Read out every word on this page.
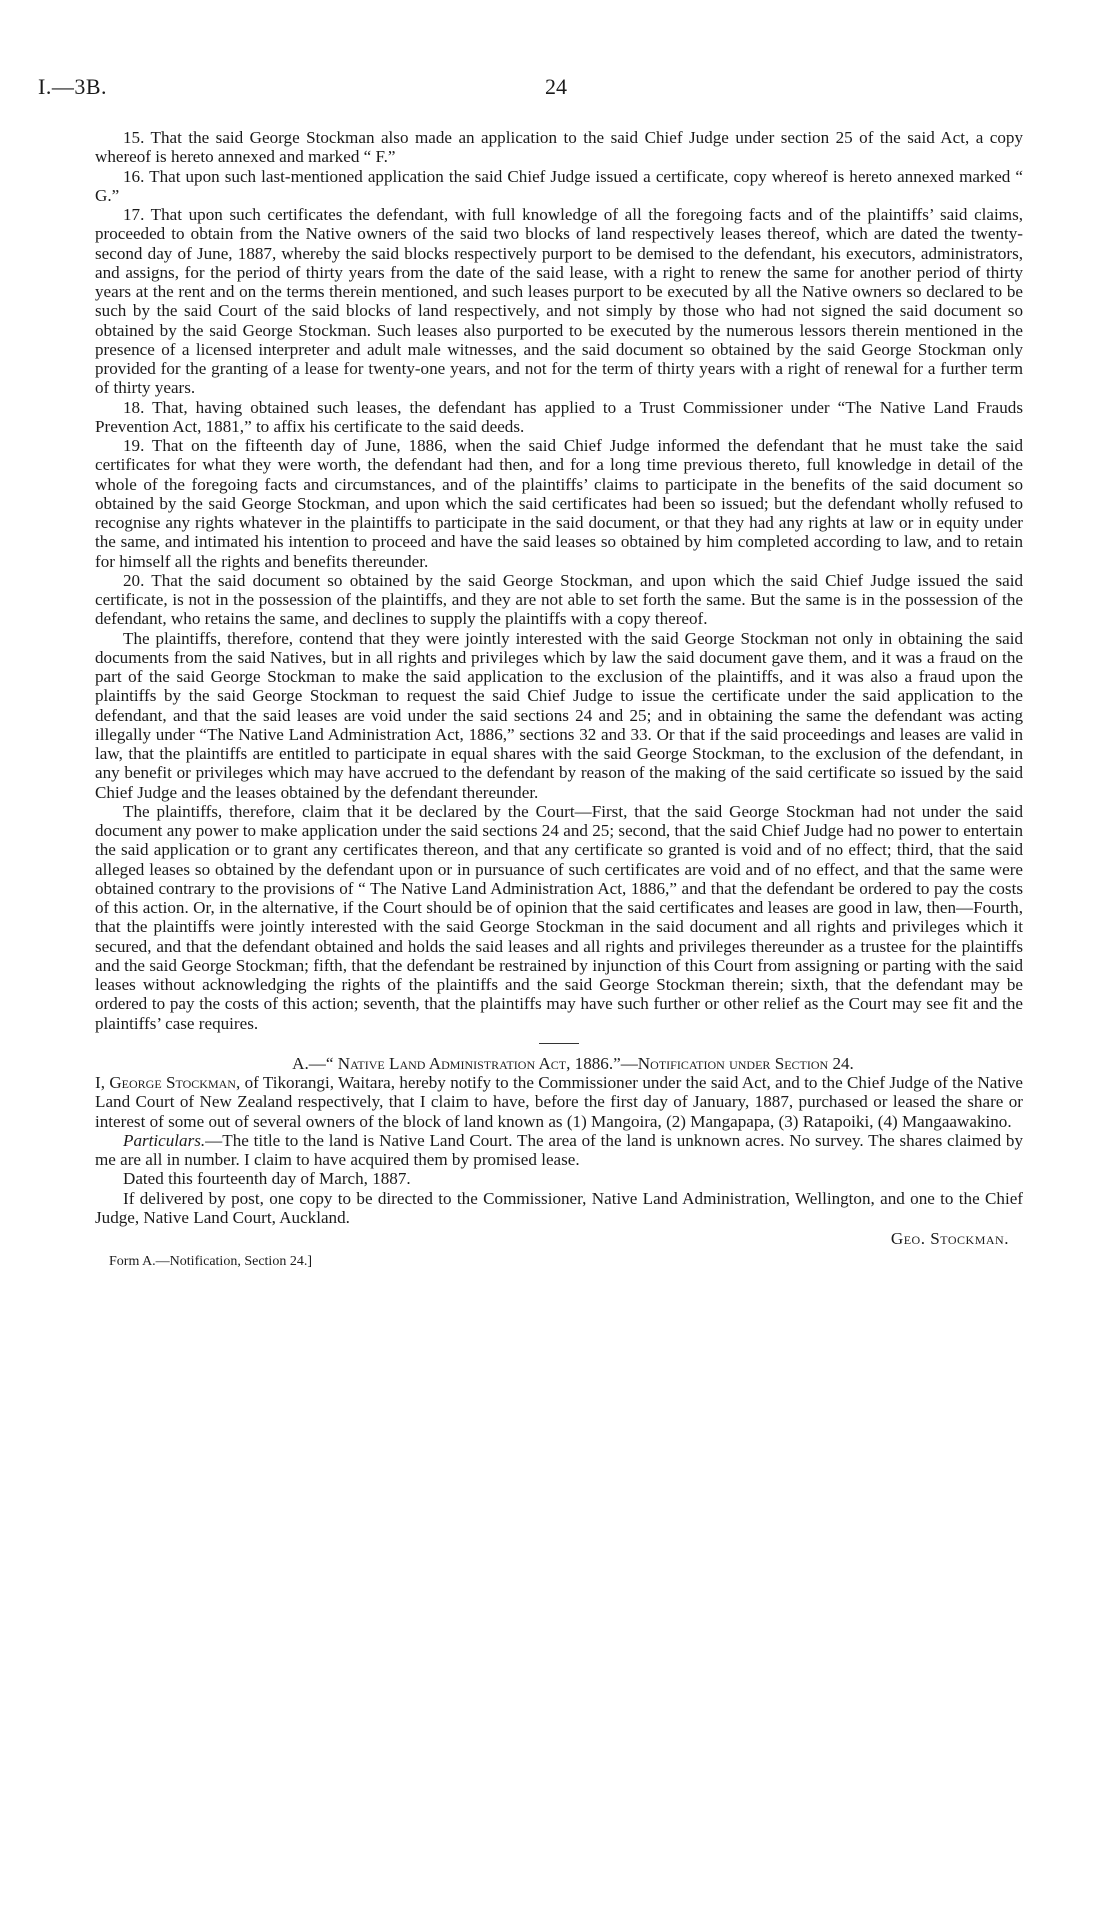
I.—3B.	24

15. That the said George Stockman also made an application to the said Chief Judge under section 25 of the said Act, a copy whereof is hereto annexed and marked “ F.”

16. That upon such last-mentioned application the said Chief Judge issued a certificate, copy whereof is hereto annexed marked “ G.”

17. That upon such certificates the defendant, with full knowledge of all the foregoing facts and of the plaintiffs’ said claims, proceeded to obtain from the Native owners of the said two blocks of land respectively leases thereof, which are dated the twenty-second day of June, 1887, whereby the said blocks respectively purport to be demised to the defendant, his executors, administrators, and assigns, for the period of thirty years from the date of the said lease, with a right to renew the same for another period of thirty years at the rent and on the terms therein mentioned, and such leases purport to be executed by all the Native owners so declared to be such by the said Court of the said blocks of land respectively, and not simply by those who had not signed the said document so obtained by the said George Stockman. Such leases also purported to be executed by the numerous lessors therein mentioned in the presence of a licensed interpreter and adult male witnesses, and the said document so obtained by the said George Stockman only provided for the granting of a lease for twenty-one years, and not for the term of thirty years with a right of renewal for a further term of thirty years.

18. That, having obtained such leases, the defendant has applied to a Trust Commissioner under “The Native Land Frauds Prevention Act, 1881,” to affix his certificate to the said deeds.

19. That on the fifteenth day of June, 1886, when the said Chief Judge informed the defendant that he must take the said certificates for what they were worth, the defendant had then, and for a long time previous thereto, full knowledge in detail of the whole of the foregoing facts and circumstances, and of the plaintiffs’ claims to participate in the benefits of the said document so obtained by the said George Stockman, and upon which the said certificates had been so issued; but the defendant wholly refused to recognise any rights whatever in the plaintiffs to participate in the said document, or that they had any rights at law or in equity under the same, and intimated his intention to proceed and have the said leases so obtained by him completed according to law, and to retain for himself all the rights and benefits thereunder.

20. That the said document so obtained by the said George Stockman, and upon which the said Chief Judge issued the said certificate, is not in the possession of the plaintiffs, and they are not able to set forth the same. But the same is in the possession of the defendant, who retains the same, and declines to supply the plaintiffs with a copy thereof.

The plaintiffs, therefore, contend that they were jointly interested with the said George Stockman not only in obtaining the said documents from the said Natives, but in all rights and privileges which by law the said document gave them, and it was a fraud on the part of the said George Stockman to make the said application to the exclusion of the plaintiffs, and it was also a fraud upon the plaintiffs by the said George Stockman to request the said Chief Judge to issue the certificate under the said application to the defendant, and that the said leases are void under the said sections 24 and 25; and in obtaining the same the defendant was acting illegally under “The Native Land Administration Act, 1886,” sections 32 and 33. Or that if the said proceedings and leases are valid in law, that the plaintiffs are entitled to participate in equal shares with the said George Stockman, to the exclusion of the defendant, in any benefit or privileges which may have accrued to the defendant by reason of the making of the said certificate so issued by the said Chief Judge and the leases obtained by the defendant thereunder.

The plaintiffs, therefore, claim that it be declared by the Court—First, that the said George Stockman had not under the said document any power to make application under the said sections 24 and 25; second, that the said Chief Judge had no power to entertain the said application or to grant any certificates thereon, and that any certificate so granted is void and of no effect; third, that the said alleged leases so obtained by the defendant upon or in pursuance of such certificates are void and of no effect, and that the same were obtained contrary to the provisions of “ The Native Land Administration Act, 1886,” and that the defendant be ordered to pay the costs of this action. Or, in the alternative, if the Court should be of opinion that the said certificates and leases are good in law, then—Fourth, that the plaintiffs were jointly interested with the said George Stockman in the said document and all rights and privileges which it secured, and that the defendant obtained and holds the said leases and all rights and privileges thereunder as a trustee for the plaintiffs and the said George Stockman; fifth, that the defendant be restrained by injunction of this Court from assigning or parting with the said leases without acknowledging the rights of the plaintiffs and the said George Stockman therein; sixth, that the defendant may be ordered to pay the costs of this action; seventh, that the plaintiffs may have such further or other relief as the Court may see fit and the plaintiffs’ case requires.

A.—“ Native Land Administration Act, 1886.”—Notification under Section 24.

I, George Stockman, of Tikorangi, Waitara, hereby notify to the Commissioner under the said Act, and to the Chief Judge of the Native Land Court of New Zealand respectively, that I claim to have, before the first day of January, 1887, purchased or leased the share or interest of some out of several owners of the block of land known as (1) Mangoira, (2) Mangapapa, (3) Ratapoiki, (4) Mangaawakino.

Particulars.—The title to the land is Native Land Court. The area of the land is unknown acres. No survey. The shares claimed by me are all in number. I claim to have acquired them by promised lease.

Dated this fourteenth day of March, 1887.

If delivered by post, one copy to be directed to the Commissioner, Native Land Administration, Wellington, and one to the Chief Judge, Native Land Court, Auckland.

Geo. Stockman.
Form A.—Notification, Section 24.]
